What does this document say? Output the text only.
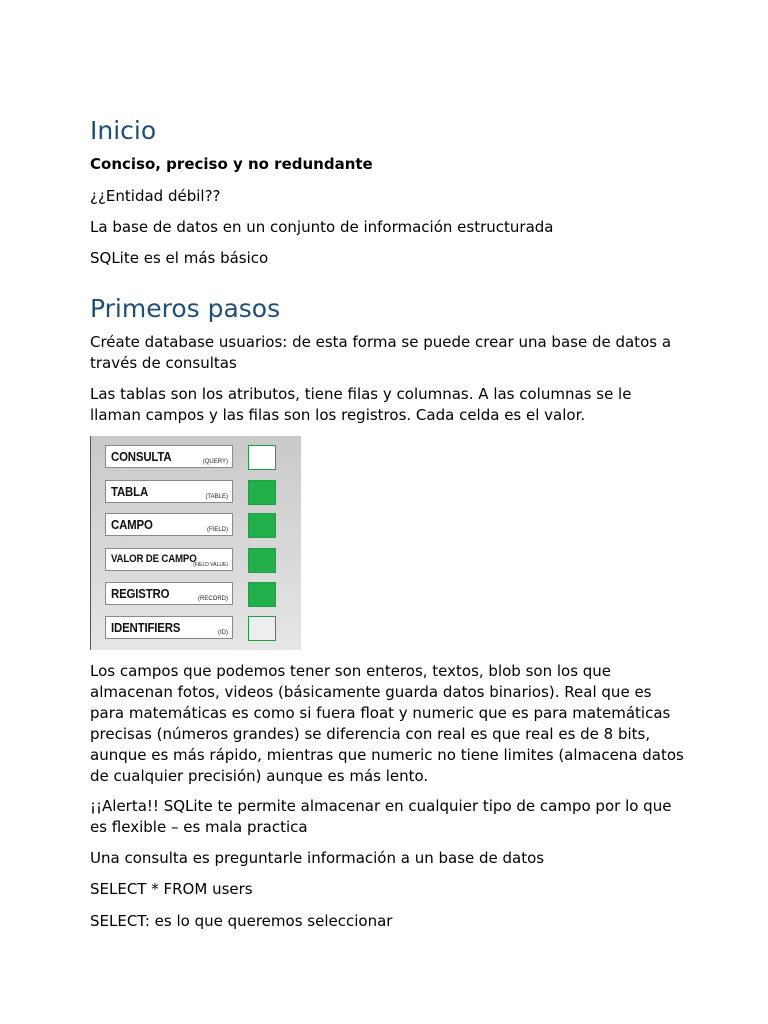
Inicio

Conciso, preciso y no redundante

¿¿Entidad débil??

La base de datos en un conjunto de información estructurada

SQLite es el más básico

Primeros pasos

Créate database usuarios: de esta forma se puede crear una base de datos a través de consultas

Las tablas son los atributos, tiene filas y columnas. A las columnas se le llaman campos y las filas son los registros. Cada celda es el valor.

CONSULTA	(QUERY)
TABLA	(TABLE)
CAMPO	(FIELD)
VALOR DE CAMPO
(FIELD VALUE)
REGISTRO	(RECORD)
IDENTIFIERS	(ID)

Los campos que podemos tener son enteros, textos, blob son los que almacenan fotos, videos (básicamente guarda datos binarios). Real que es para matemáticas es como si fuera float y numeric que es para matemáticas precisas (números grandes) se diferencia con real es que real es de 8 bits, aunque es más rápido, mientras que numeric no tiene limites (almacena datos de cualquier precisión) aunque es más lento.

¡¡Alerta!! SQLite te permite almacenar en cualquier tipo de campo por lo que es flexible – es mala practica

Una consulta es preguntarle información a un base de datos

SELECT * FROM users

SELECT: es lo que queremos seleccionar
